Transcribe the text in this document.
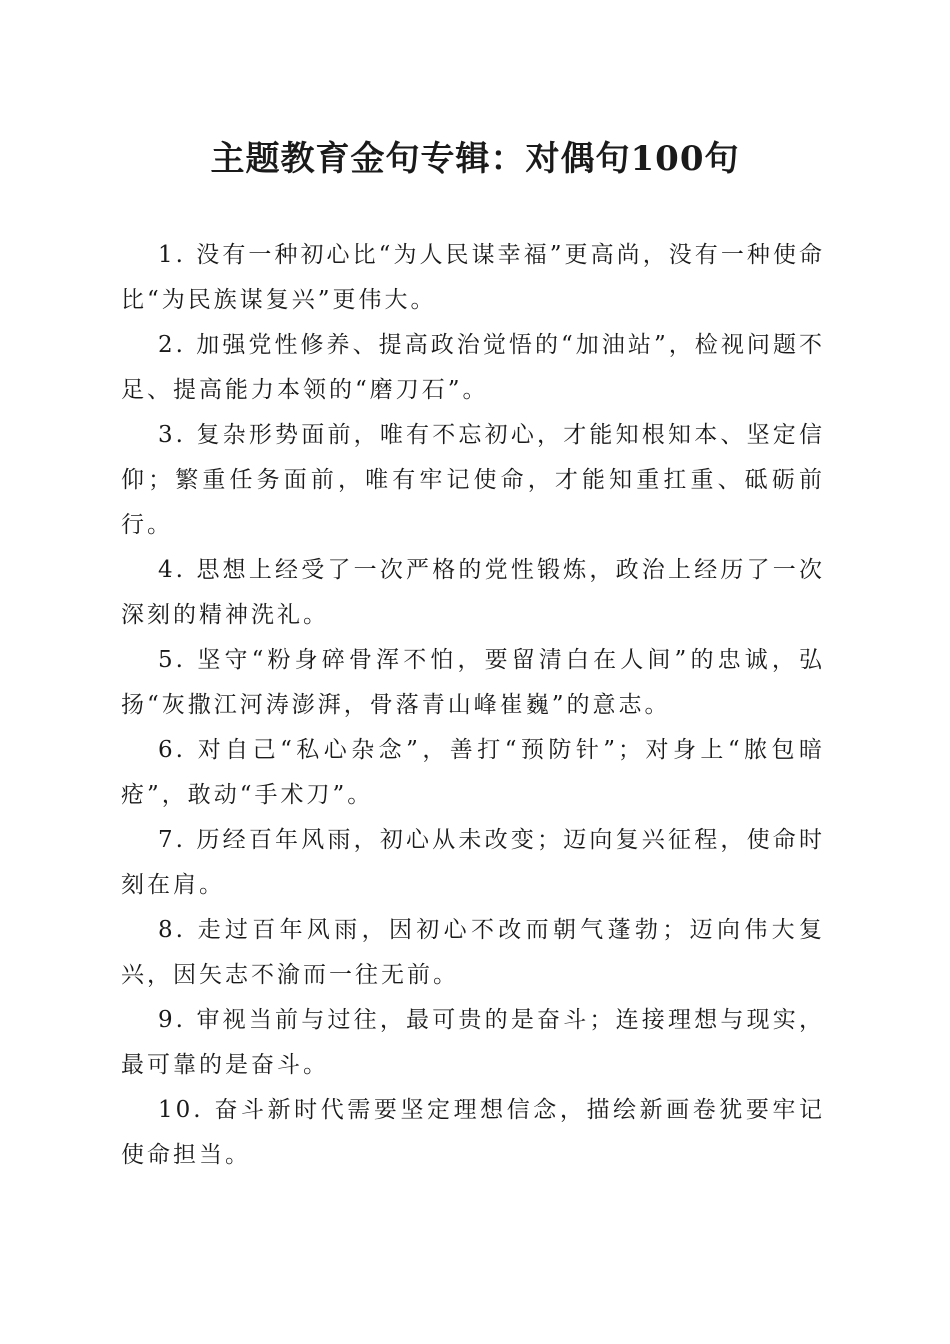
主题教育金句专辑：对偶句100句
1. 没有一种初心比“为人民谋幸福”更高尚，没有一种使命比“为民族谋复兴”更伟大。
2. 加强党性修养、提高政治觉悟的“加油站”，检视问题不足、提高能力本领的“磨刀石”。
3. 复杂形势面前，唯有不忘初心，才能知根知本、坚定信仰；繁重任务面前，唯有牢记使命，才能知重扛重、砥砺前行。
4. 思想上经受了一次严格的党性锻炼，政治上经历了一次深刻的精神洗礼。
5. 坚守“粉身碎骨浑不怕，要留清白在人间”的忠诚，弘扬“灰撒江河涛澎湃，骨落青山峰崔巍”的意志。
6. 对自己“私心杂念”，善打“预防针”；对身上“脓包暗疮”，敢动“手术刀”。
7. 历经百年风雨，初心从未改变；迈向复兴征程，使命时刻在肩。
8. 走过百年风雨，因初心不改而朝气蓬勃；迈向伟大复兴，因矢志不渝而一往无前。
9. 审视当前与过往，最可贵的是奋斗；连接理想与现实，最可靠的是奋斗。
10. 奋斗新时代需要坚定理想信念，描绘新画卷犹要牢记使命担当。
